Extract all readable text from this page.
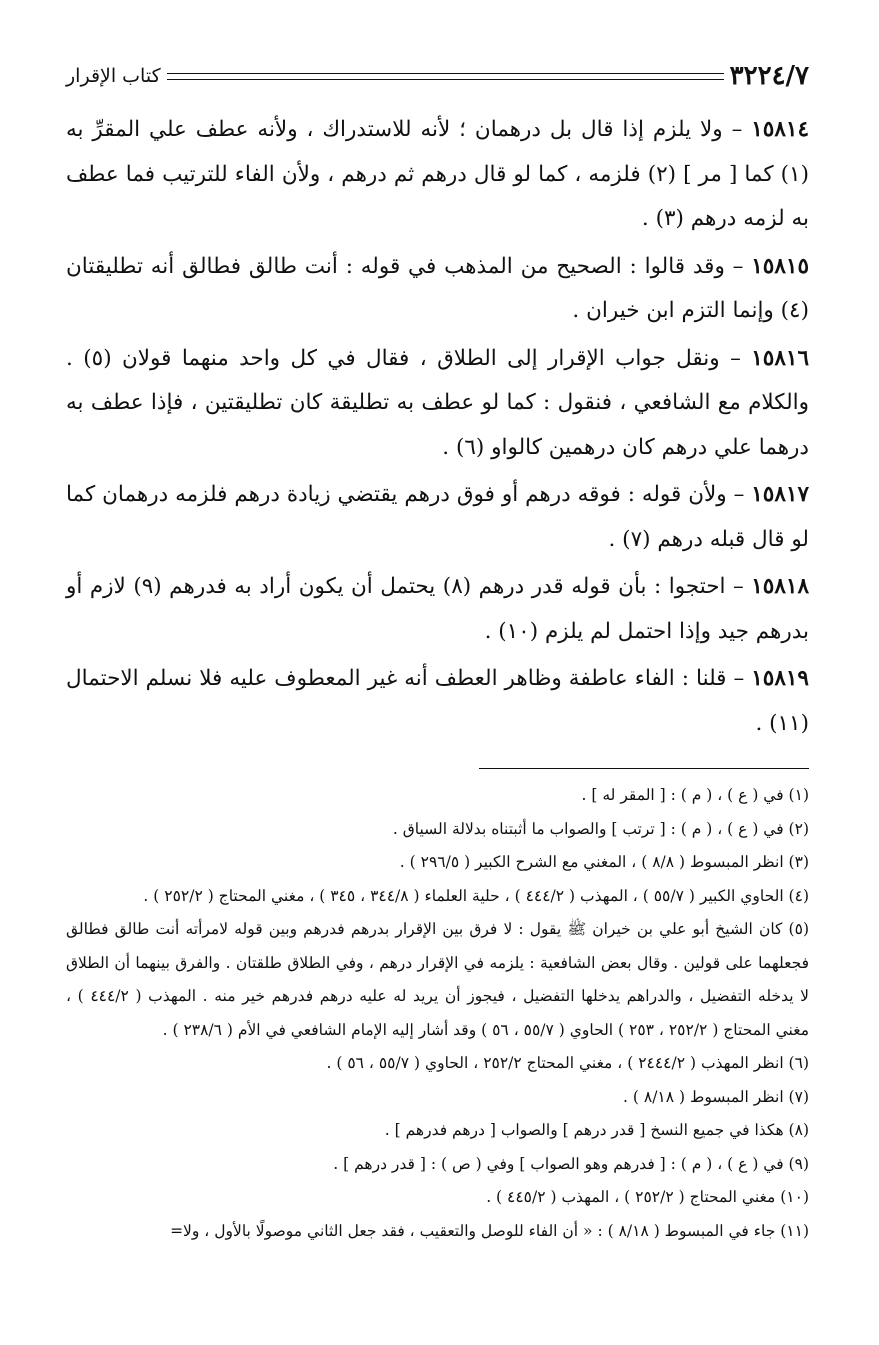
٣٢٢٤/٧
كتاب الإقرار

١٥٨١٤ – ولا يلزم إذا قال بل درهمان ؛ لأنه للاستدراك ، ولأنه عطف علي المقرِّ به (١) كما [ مر ] (٢) فلزمه ، كما لو قال درهم ثم درهم ، ولأن الفاء للترتيب فما عطف به لزمه درهم (٣) .

١٥٨١٥ – وقد قالوا : الصحيح من المذهب في قوله : أنت طالق فطالق أنه تطليقتان (٤) وإنما التزم ابن خيران .

١٥٨١٦ – ونقل جواب الإقرار إلى الطلاق ، فقال في كل واحد منهما قولان (٥) . والكلام مع الشافعي ، فنقول : كما لو عطف به تطليقة كان تطليقتين ، فإذا عطف به درهما علي درهم كان درهمين كالواو (٦) .

١٥٨١٧ – ولأن قوله : فوقه درهم أو فوق درهم يقتضي زيادة درهم فلزمه درهمان كما لو قال قبله درهم (٧) .

١٥٨١٨ – احتجوا : بأن قوله قدر درهم (٨) يحتمل أن يكون أراد به فدرهم (٩) لازم أو بدرهم جيد وإذا احتمل لم يلزم (١٠) .

١٥٨١٩ – قلنا : الفاء عاطفة وظاهر العطف أنه غير المعطوف عليه فلا نسلم الاحتمال (١١) .

(١) في ( ع ) ، ( م ) : [ المقر له ] .

(٢) في ( ع ) ، ( م ) : [ ترتب ] والصواب ما أثبتناه بدلالة السياق .

(٣) انظر المبسوط ( ٨/٨ ) ، المغني مع الشرح الكبير ( ٢٩٦/٥ ) .

(٤) الحاوي الكبير ( ٥٥/٧ ) ، المهذب ( ٤٤٤/٢ ) ، حلية العلماء ( ٣٤٤/٨ ، ٣٤٥ ) ، مغني المحتاج ( ٢٥٢/٢ ) .

(٥) كان الشيخ أبو علي بن خيران ﷺ يقول : لا فرق بين الإقرار بدرهم فدرهم وبين قوله لامرأته أنت طالق فطالق فجعلهما على قولين . وقال بعض الشافعية : يلزمه في الإقرار درهم ، وفي الطلاق طلقتان . والفرق بينهما أن الطلاق لا يدخله التفضيل ، والدراهم يدخلها التفضيل ، فيجوز أن يريد له عليه درهم فدرهم خير منه . المهذب ( ٤٤٤/٢ ) ، مغني المحتاج ( ٢٥٢/٢ ، ٢٥٣ ) الحاوي ( ٥٥/٧ ، ٥٦ ) وقد أشار إليه الإمام الشافعي في الأم ( ٢٣٨/٦ ) .

(٦) انظر المهذب ( ٢٤٤٤/٢ ) ، مغني المحتاج ٢٥٢/٢ ، الحاوي ( ٥٥/٧ ، ٥٦ ) .

(٧) انظر المبسوط ( ٨/١٨ ) .

(٨) هكذا في جميع النسخ [ قدر درهم ] والصواب [ درهم فدرهم ] .

(٩) في ( ع ) ، ( م ) : [ فدرهم وهو الصواب ] وفي ( ص ) : [ قدر درهم ] .

(١٠) مغني المحتاج ( ٢٥٢/٢ ) ، المهذب ( ٤٤٥/٢ ) .

(١١) جاء في المبسوط ( ٨/١٨ ) : « أن الفاء للوصل والتعقيب ، فقد جعل الثاني موصولًا بالأول ، ولا=
